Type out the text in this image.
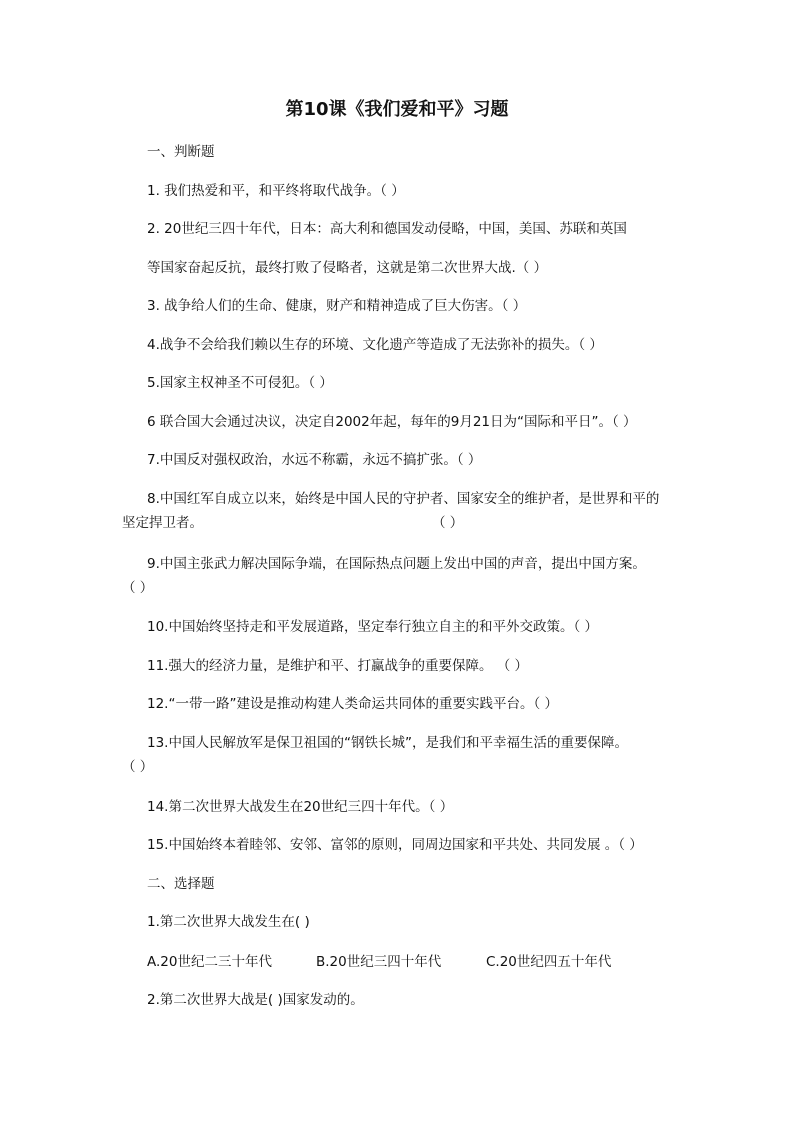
第10课《我们爱和平》习题
一、判断题
1. 我们热爱和平，和平终将取代战争。（ ）
2. 20世纪三四十年代，日本：高大利和德国发动侵略，中国，美国、苏联和英国
等国家奋起反抗，最终打败了侵略者，这就是第二次世界大战.（ ）
3. 战争给人们的生命、健康，财产和精神造成了巨大伤害。（ ）
4.战争不会给我们赖以生存的环境、文化遗产等造成了无法弥补的损失。（ ）
5.国家主权神圣不可侵犯。（ ）
6 联合国大会通过决议，决定自2002年起，每年的9月21日为“国际和平日”。（ ）
7.中国反对强权政治，水远不称霸，永远不搞扩张。（ ）
8.中国红军自成立以来，始终是中国人民的守护者、国家安全的维护者，是世界和平的
坚定捍卫者。	（ ）
9.中国主张武力解决国际争端，在国际热点问题上发出中国的声音，提出中国方案。
（ ）
10.中国始终坚持走和平发展道路，坚定奉行独立自主的和平外交政策。（ ）
11.强大的经济力量，是维护和平、打赢战争的重要保障。 （ ）
12.“一带一路”建设是推动构建人类命运共同体的重要实践平台。（ ）
13.中国人民解放军是保卫祖国的“钢铁长城”，是我们和平幸福生活的重要保障。
（ ）
14.第二次世界大战发生在20世纪三四十年代。（ ）
15.中国始终本着睦邻、安邻、富邻的原则，同周边国家和平共处、共同发展 。（ ）
二、选择题
1.第二次世界大战发生在( )
A.20世纪二三十年代	B.20世纪三四十年代	C.20世纪四五十年代
2.第二次世界大战是( )国家发动的。
